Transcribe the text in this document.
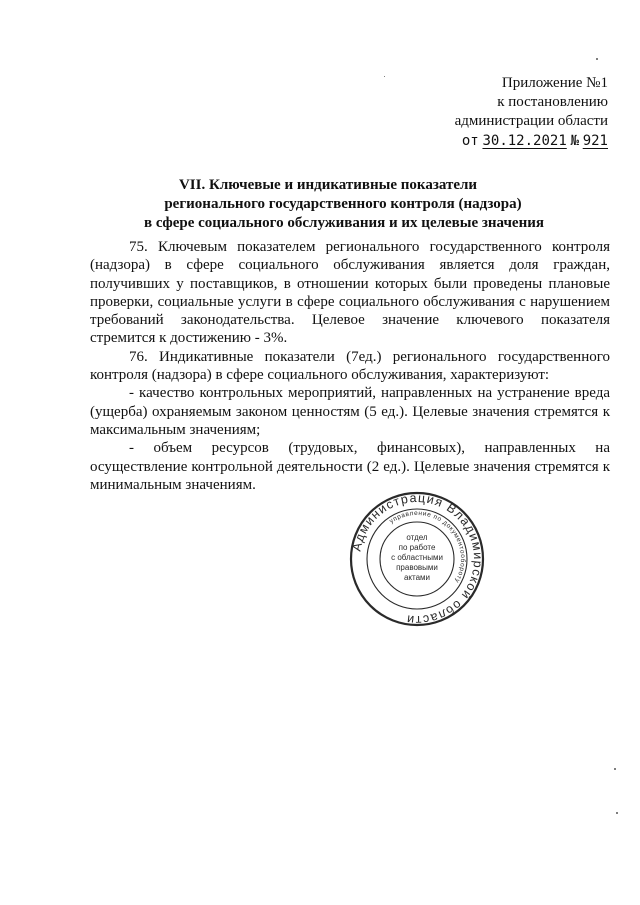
Приложение №1
к постановлению
администрации области
от 30.12.2021 № 921
VII. Ключевые и индикативные показатели
регионального государственного контроля (надзора)
в сфере социального обслуживания и их целевые значения

75. Ключевым показателем регионального государственного контроля (надзора) в сфере социального обслуживания является доля граждан, получивших у поставщиков, в отношении которых были проведены плановые проверки, социальные услуги в сфере социального обслуживания с нарушением требований законодательства. Целевое значение ключевого показателя стремится к достижению - 3%.

76. Индикативные показатели (7ед.) регионального государственного контроля (надзора) в сфере социального обслуживания, характеризуют:

- качество контрольных мероприятий, направленных на устранение вреда (ущерба) охраняемым законом ценностям (5 ед.). Целевые значения стремятся к максимальным значениям;

- объем ресурсов (трудовых, финансовых), направленных на осуществление контрольной деятельности (2 ед.). Целевые значения стремятся к минимальным значениям.

Администрация Владимирской области
управление по документообороту
отдел
по работе
с областными
правовыми
актами
